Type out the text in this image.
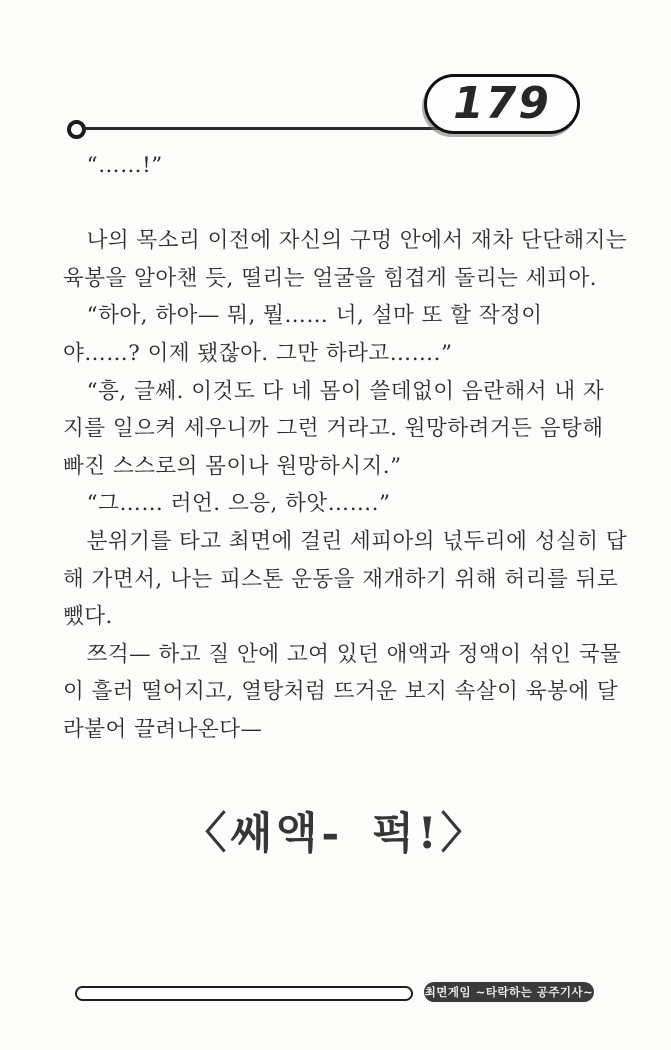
179
“……!”

나의 목소리 이전에 자신의 구멍 안에서 재차 단단해지는
육봉을 알아챈 듯, 떨리는 얼굴을 힘겹게 돌리는 세피아.
“하아, 하아— 뭐, 뭘…… 너, 설마 또 할 작정이
야……? 이제 됐잖아. 그만 하라고…….”
“흥, 글쎄. 이것도 다 네 몸이 쓸데없이 음란해서 내 자
지를 일으켜 세우니까 그런 거라고. 원망하려거든 음탕해
빠진 스스로의 몸이나 원망하시지.”
“그…… 러언. 으응, 하앗…….”
분위기를 타고 최면에 걸린 세피아의 넋두리에 성실히 답
해 가면서, 나는 피스톤 운동을 재개하기 위해 허리를 뒤로
뺐다.
쯔걱— 하고 질 안에 고여 있던 애액과 정액이 섞인 국물
이 흘러 떨어지고, 열탕처럼 뜨거운 보지 속살이 육봉에 달
라붙어 끌려나온다—
〈쌔액- 퍽!〉
최면게임 ~타락하는 공주기사~
